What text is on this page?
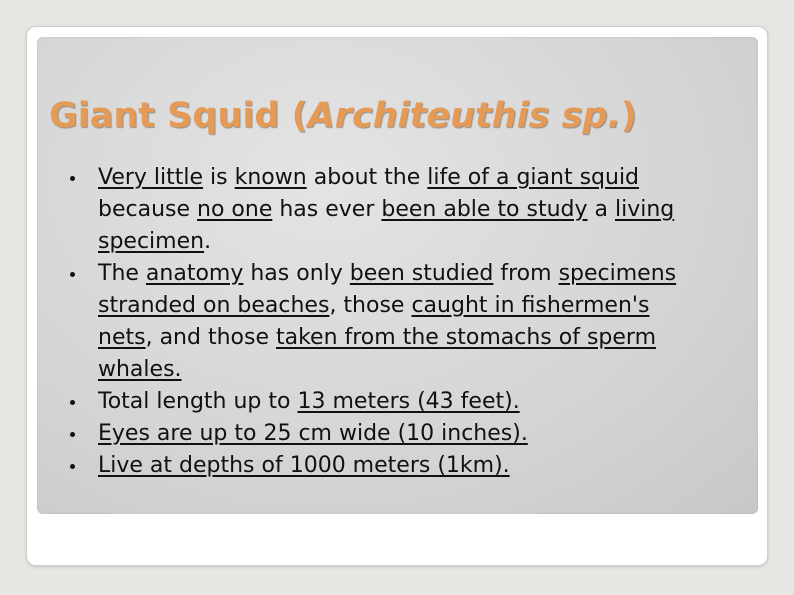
Giant Squid (Architeuthis sp.)
Very little is known about the life of a giant squid because no one has ever been able to study a living specimen.
The anatomy has only been studied from specimens stranded on beaches, those caught in fishermen's nets, and those taken from the stomachs of sperm whales.
Total length up to 13 meters (43 feet).
Eyes are up to 25 cm wide (10 inches).
Live at depths of 1000 meters (1km).
